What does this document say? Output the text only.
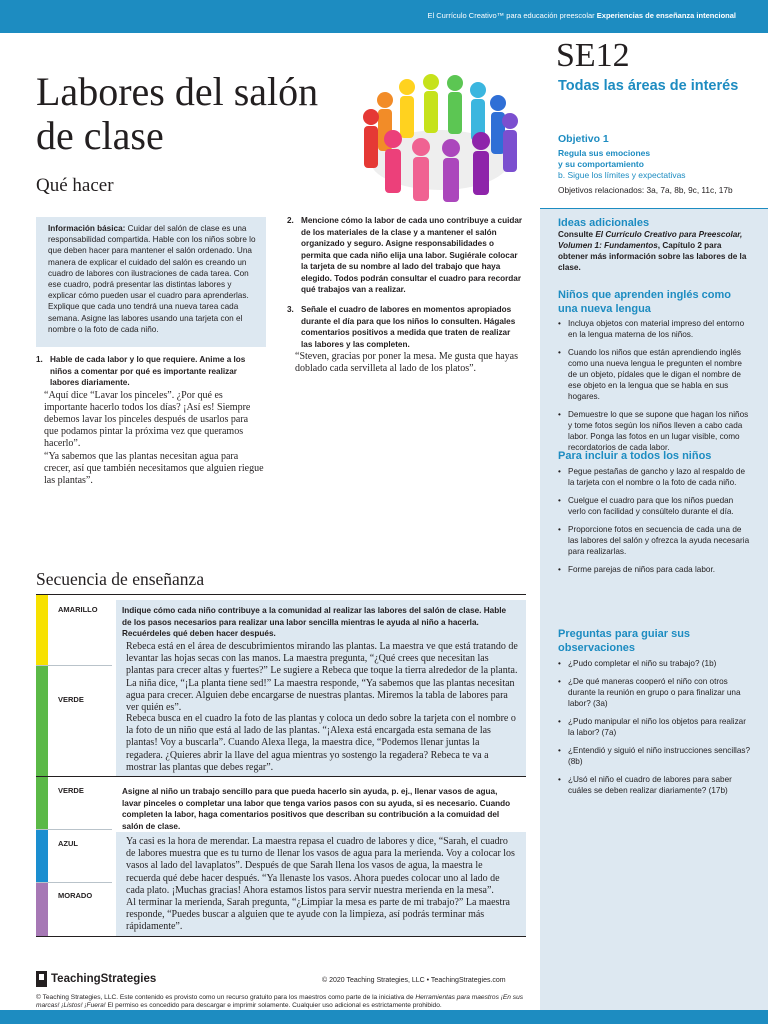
El Currículo Creativo™ para educación preescolar Experiencias de enseñanza intencional
SE12
Todas las áreas de interés
Objetivo 1
Regula sus emociones
y su comportamiento
b. Sigue los límites y expectativas
Objetivos relacionados: 3a, 7a, 8b, 9c, 11c, 17b
Ideas adicionales
Consulte El Currículo Creativo para Preescolar, Volumen 1: Fundamentos, Capítulo 2 para obtener más información sobre las labores de la clase.
Niños que aprenden inglés como una nueva lengua
• Incluya objetos con material impreso del entorno en la lengua materna de los niños.
• Cuando los niños que están aprendiendo inglés como una nueva lengua le pregunten el nombre de un objeto, pídales que le digan el nombre de ese objeto en la lengua que se habla en sus hogares.
• Demuestre lo que se supone que hagan los niños y tome fotos según los niños lleven a cabo cada labor. Ponga las fotos en un lugar visible, como recordatorios de cada labor.
Para incluir a todos los niños
• Pegue pestañas de gancho y lazo al respaldo de la tarjeta con el nombre o la foto de cada niño.
• Cuelgue el cuadro para que los niños puedan verlo con facilidad y consúltelo durante el día.
• Proporcione fotos en secuencia de cada una de las labores del salón y ofrezca la ayuda necesaria para realizarlas.
• Forme parejas de niños para cada labor.
Preguntas para guiar sus observaciones
• ¿Pudo completar el niño su trabajo? (1b)
• ¿De qué maneras cooperó el niño con otros durante la reunión en grupo o para finalizar una labor? (3a)
• ¿Pudo manipular el niño los objetos para realizar la labor? (7a)
• ¿Entendió y siguió el niño instrucciones sencillas? (8b)
• ¿Usó el niño el cuadro de labores para saber cuáles se deben realizar diariamente? (17b)
Labores del salón de clase
Qué hacer
Información básica: Cuidar del salón de clase es una responsabilidad compartida. Hable con los niños sobre lo que deben hacer para mantener el salón ordenado. Una manera de explicar el cuidado del salón es creando un cuadro de labores con ilustraciones de cada tarea. Con ese cuadro, podrá presentar las distintas labores y explicar cómo pueden usar el cuadro para aprenderlas. Explique que cada uno tendrá una nueva tarea cada semana. Asigne las labores usando una tarjeta con el nombre o la foto de cada niño.
1. Hable de cada labor y lo que requiere. Anime a los niños a comentar por qué es importante realizar labores diariamente.
“Aquí dice “Lavar los pinceles”. ¿Por qué es importante hacerlo todos los días? ¡Así es! Siempre debemos lavar los pinceles después de usarlos para que podamos pintar la próxima vez que queramos hacerlo”.
“Ya sabemos que las plantas necesitan agua para crecer, así que también necesitamos que alguien riegue las plantas”.
2. Mencione cómo la labor de cada uno contribuye a cuidar de los materiales de la clase y a mantener el salón organizado y seguro. Asigne responsabilidades o permita que cada niño elija una labor. Sugiérale colocar la tarjeta de su nombre al lado del trabajo que haya elegido. Todos podrán consultar el cuadro para recordar qué trabajos van a realizar.
3. Señale el cuadro de labores en momentos apropiados durante el día para que los niños lo consulten. Hágales comentarios positivos a medida que traten de realizar las labores y las completen.
“Steven, gracias por poner la mesa. Me gusta que hayas doblado cada servilleta al lado de los platos”.
Secuencia de enseñanza
AMARILLO
VERDE
VERDE
AZUL
MORADO
Indique cómo cada niño contribuye a la comunidad al realizar las labores del salón de clase. Hable de los pasos necesarios para realizar una labor sencilla mientras le ayuda al niño a hacerla. Recuérdeles qué deben hacer después.
Rebeca está en el área de descubrimientos mirando las plantas. La maestra ve que está tratando de levantar las hojas secas con las manos. La maestra pregunta, “¿Qué crees que necesitan las plantas para crecer altas y fuertes?” Le sugiere a Rebeca que toque la tierra alrededor de la planta. La niña dice, “¡La planta tiene sed!” La maestra responde, “Ya sabemos que las plantas necesitan agua para crecer. Alguien debe encargarse de nuestras plantas. Miremos la tabla de labores para ver quién es”.
Rebeca busca en el cuadro la foto de las plantas y coloca un dedo sobre la tarjeta con el nombre o la foto de un niño que está al lado de las plantas. “¡Alexa está encargada esta semana de las plantas! Voy a buscarla”. Cuando Alexa llega, la maestra dice, “Podemos llenar juntas la regadera. ¿Quieres abrir la llave del agua mientras yo sostengo la regadera? Rebeca te va a mostrar las plantas que debes regar”.
Asigne al niño un trabajo sencillo para que pueda hacerlo sin ayuda, p. ej., llenar vasos de agua, lavar pinceles o completar una labor que tenga varios pasos con su ayuda, si es necesario. Cuando completen la labor, haga comentarios positivos que describan su contribución a la comuidad del salón de clase.
Ya casi es la hora de merendar. La maestra repasa el cuadro de labores y dice, “Sarah, el cuadro de labores muestra que es tu turno de llenar los vasos de agua para la merienda. Voy a colocar los vasos al lado del lavaplatos”. Después de que Sarah llena los vasos de agua, la maestra le recuerda qué debe hacer después. “Ya llenaste los vasos. Ahora puedes colocar uno al lado de cada plato. ¡Muchas gracias! Ahora estamos listos para servir nuestra merienda en la mesa”.
Al terminar la merienda, Sarah pregunta, “¿Limpiar la mesa es parte de mi trabajo?” La maestra responde, “Puedes buscar a alguien que te ayude con la limpieza, así podrás terminar más rápidamente”.
TeachingStrategies	© 2020 Teaching Strategies, LLC • TeachingStrategies.com
© Teaching Strategies, LLC. Este contenido es provisto como un recurso gratuito para los maestros como parte de la iniciativa de Herramientas para maestros ¡En sus marcas! ¡Listos! ¡Fuera! El permiso es concedido para descargar e imprimir solamente. Cualquier uso adicional es estrictamente prohibido.
